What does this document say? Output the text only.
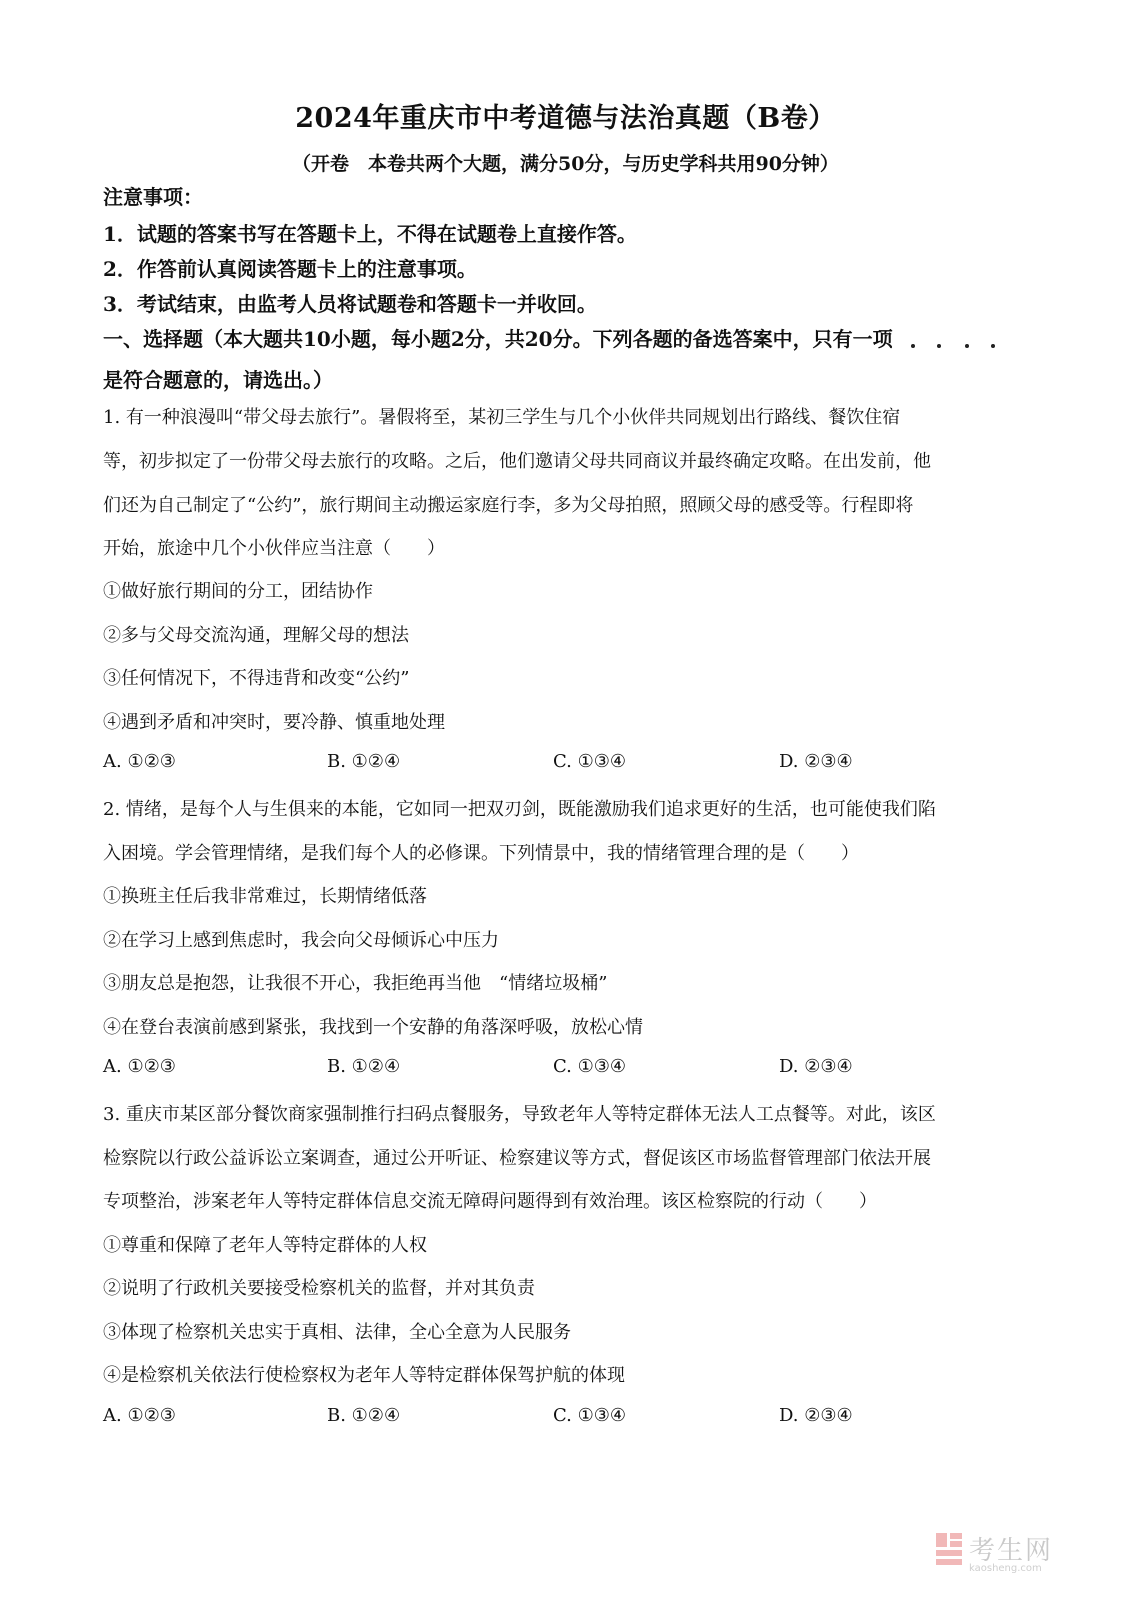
2024年重庆市中考道德与法治真题（B卷）
（开卷　本卷共两个大题，满分50分，与历史学科共用90分钟）
注意事项：
1．试题的答案书写在答题卡上，不得在试题卷上直接作答。
2．作答前认真阅读答题卡上的注意事项。
3．考试结束，由监考人员将试题卷和答题卡一并收回。
一、选择题（本大题共10小题，每小题2分，共20分。下列各题的备选答案中，只有一项
是符合题意的，请选出。）
1. 有一种浪漫叫“带父母去旅行”。暑假将至，某初三学生与几个小伙伴共同规划出行路线、餐饮住宿
等，初步拟定了一份带父母去旅行的攻略。之后，他们邀请父母共同商议并最终确定攻略。在出发前，他
们还为自己制定了“公约”，旅行期间主动搬运家庭行李，多为父母拍照，照顾父母的感受等。行程即将
开始，旅途中几个小伙伴应当注意（　　）
①做好旅行期间的分工，团结协作
②多与父母交流沟通，理解父母的想法
③任何情况下，不得违背和改变“公约”
④遇到矛盾和冲突时，要冷静、慎重地处理
A. ①②③	B. ①②④	C. ①③④	D. ②③④
2. 情绪，是每个人与生俱来的本能，它如同一把双刃剑，既能激励我们追求更好的生活，也可能使我们陷
入困境。学会管理情绪，是我们每个人的必修课。下列情景中，我的情绪管理合理的是（　　）
①换班主任后我非常难过，长期情绪低落
②在学习上感到焦虑时，我会向父母倾诉心中压力
③朋友总是抱怨，让我很不开心，我拒绝再当他　“情绪垃圾桶”
④在登台表演前感到紧张，我找到一个安静的角落深呼吸，放松心情
A. ①②③	B. ①②④	C. ①③④	D. ②③④
3. 重庆市某区部分餐饮商家强制推行扫码点餐服务，导致老年人等特定群体无法人工点餐等。对此，该区
检察院以行政公益诉讼立案调查，通过公开听证、检察建议等方式，督促该区市场监督管理部门依法开展
专项整治，涉案老年人等特定群体信息交流无障碍问题得到有效治理。该区检察院的行动（　　）
①尊重和保障了老年人等特定群体的人权
②说明了行政机关要接受检察机关的监督，并对其负责
③体现了检察机关忠实于真相、法律，全心全意为人民服务
④是检察机关依法行使检察权为老年人等特定群体保驾护航的体现
A. ①②③	B. ①②④	C. ①③④	D. ②③④
考生网
kaosheng.com
